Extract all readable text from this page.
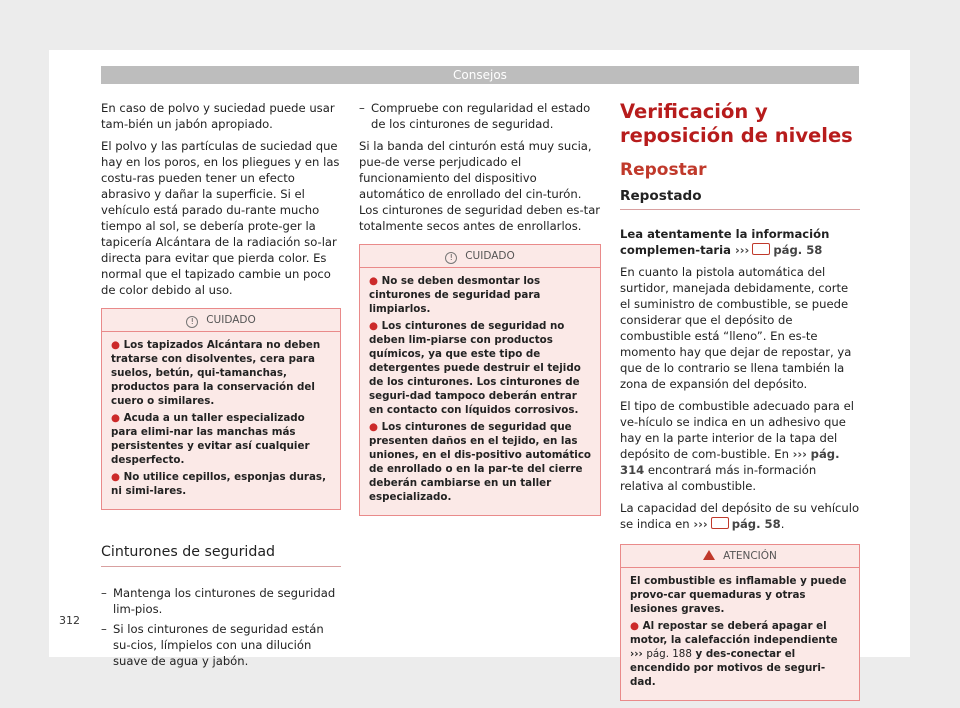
Consejos

En caso de polvo y suciedad puede usar tam-bién un jabón apropiado.

El polvo y las partículas de suciedad que hay en los poros, en los pliegues y en las costu-ras pueden tener un efecto abrasivo y dañar la superficie. Si el vehículo está parado du-rante mucho tiempo al sol, se debería prote-ger la tapicería Alcántara de la radiación so-lar directa para evitar que pierda color. Es normal que el tapizado cambie un poco de color debido al uso.

! CUIDADO
● Los tapizados Alcántara no deben tratarse con disolventes, cera para suelos, betún, qui-tamanchas, productos para la conservación del cuero o similares.
● Acuda a un taller especializado para elimi-nar las manchas más persistentes y evitar así cualquier desperfecto.
● No utilice cepillos, esponjas duras, ni simi-lares.
Cinturones de seguridad
– Mantenga los cinturones de seguridad lim-pios.
– Si los cinturones de seguridad están su-cios, límpielos con una dilución suave de agua y jabón.
– Compruebe con regularidad el estado de los cinturones de seguridad.

Si la banda del cinturón está muy sucia, pue-de verse perjudicado el funcionamiento del dispositivo automático de enrollado del cin-turón. Los cinturones de seguridad deben es-tar totalmente secos antes de enrollarlos.

! CUIDADO
● No se deben desmontar los cinturones de seguridad para limpiarlos.
● Los cinturones de seguridad no deben lim-piarse con productos químicos, ya que este tipo de detergentes puede destruir el tejido de los cinturones. Los cinturones de seguri-dad tampoco deberán entrar en contacto con líquidos corrosivos.
● Los cinturones de seguridad que presenten daños en el tejido, en las uniones, en el dis-positivo automático de enrollado o en la par-te del cierre deberán cambiarse en un taller especializado.
Verificación y reposición de niveles
Repostar
Repostado

Lea atentamente la información complemen-taria ››› pág. 58

En cuanto la pistola automática del surtidor, manejada debidamente, corte el suministro de combustible, se puede considerar que el depósito de combustible está “lleno”. En es-te momento hay que dejar de repostar, ya que de lo contrario se llena también la zona de expansión del depósito.

El tipo de combustible adecuado para el ve-hículo se indica en un adhesivo que hay en la parte interior de la tapa del depósito de com-bustible. En ››› pág. 314 encontrará más in-formación relativa al combustible.

La capacidad del depósito de su vehículo se indica en ››› pág. 58.

ATENCIÓN
El combustible es inflamable y puede provo-car quemaduras y otras lesiones graves.
● Al repostar se deberá apagar el motor, la calefacción independiente ››› pág. 188 y des-conectar el encendido por motivos de seguri-dad.
312
